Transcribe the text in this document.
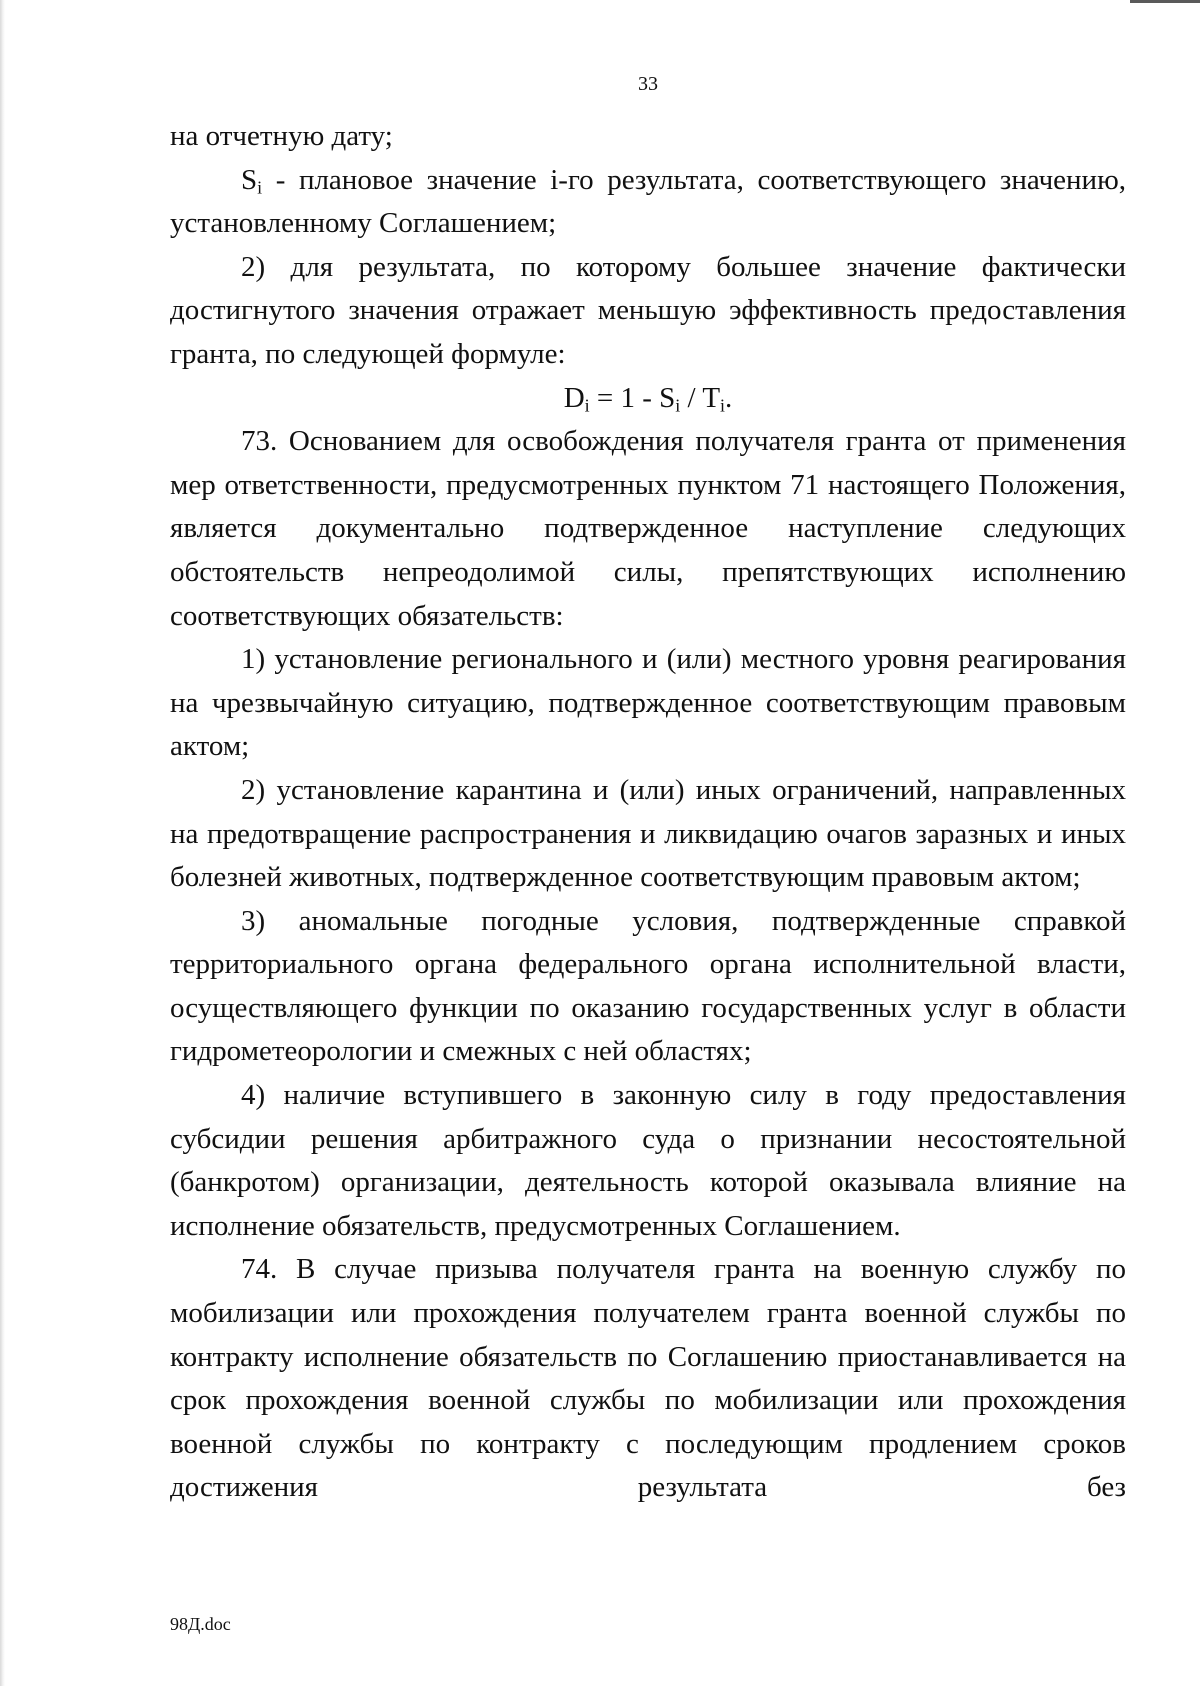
33

на отчетную дату;

$S_i$ - плановое значение i-го результата, соответствующего значению, установленному Соглашением;

2) для результата, по которому большее значение фактически достигнутого значения отражает меньшую эффективность предоставления гранта, по следующей формуле:

$D_i = 1 - S_i / T_i$.

73. Основанием для освобождения получателя гранта от применения мер ответственности, предусмотренных пунктом 71 настоящего Положения, является документально подтвержденное наступление следующих обстоятельств непреодолимой силы, препятствующих исполнению соответствующих обязательств:

1) установление регионального и (или) местного уровня реагирования на чрезвычайную ситуацию, подтвержденное соответствующим правовым актом;

2) установление карантина и (или) иных ограничений, направленных на предотвращение распространения и ликвидацию очагов заразных и иных болезней животных, подтвержденное соответствующим правовым актом;

3) аномальные погодные условия, подтвержденные справкой территориального органа федерального органа исполнительной власти, осуществляющего функции по оказанию государственных услуг в области гидрометеорологии и смежных с ней областях;

4) наличие вступившего в законную силу в году предоставления субсидии решения арбитражного суда о признании несостоятельной (банкротом) организации, деятельность которой оказывала влияние на исполнение обязательств, предусмотренных Соглашением.

74. В случае призыва получателя гранта на военную службу по мобилизации или прохождения получателем гранта военной службы по контракту исполнение обязательств по Соглашению приостанавливается на срок прохождения военной службы по мобилизации или прохождения военной службы по контракту с последующим продлением сроков достижения результата без

98Д.doc
